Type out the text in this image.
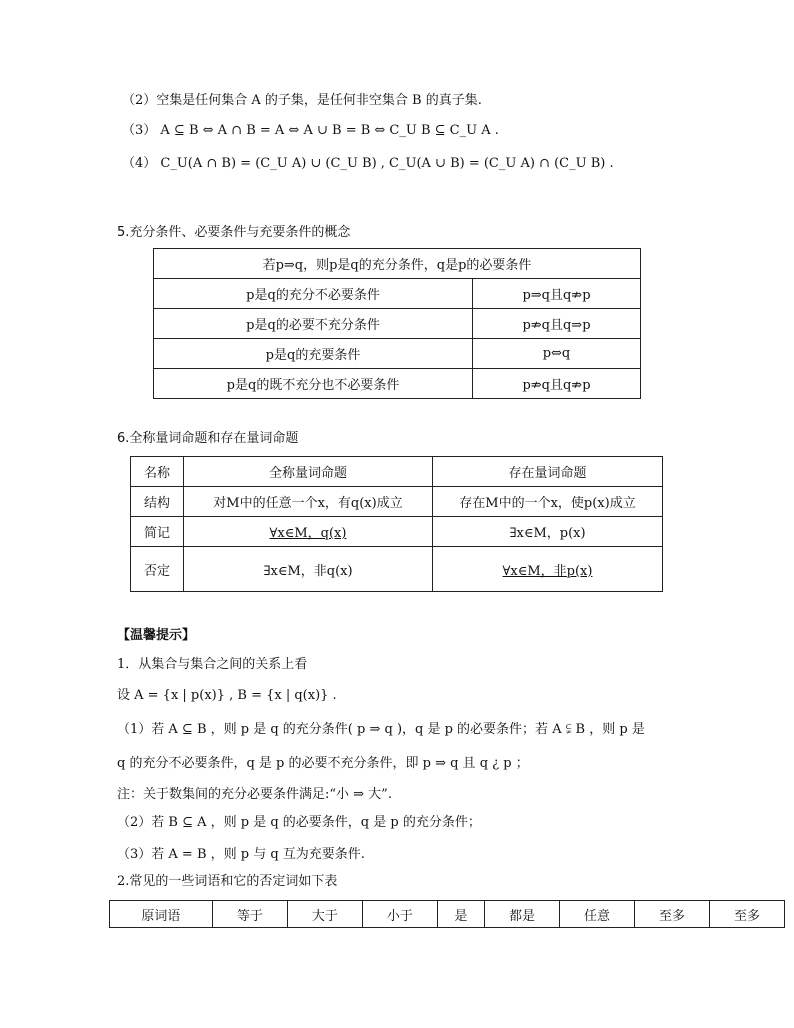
（2）空集是任何集合 A 的子集，是任何非空集合 B 的真子集.
（3） A ⊆ B ⇔ A ∩ B = A ⇔ A ∪ B = B ⇔ C_U B ⊆ C_U A .
（4） C_U(A ∩ B) = (C_U A) ∪ (C_U B) , C_U(A ∪ B) = (C_U A) ∩ (C_U B) .
5.充分条件、必要条件与充要条件的概念
若p⇒q，则p是q的充分条件，q是p的必要条件	
p是q的充分不必要条件	p⇒q且q⇏p
p是q的必要不充分条件	p⇏q且q⇒p
p是q的充要条件	p⇔q
p是q的既不充分也不必要条件	p⇏q且q⇏p
6.全称量词命题和存在量词命题
名称	全称量词命题	存在量词命题
结构	对M中的任意一个x，有q(x)成立	存在M中的一个x，使p(x)成立
简记	∀x∈M，q(x)	∃x∈M，p(x)
否定	∃x∈M，非q(x)	∀x∈M，非p(x)
【温馨提示】
1．从集合与集合之间的关系上看
设 A = {x | p(x)} , B = {x | q(x)} .
（1）若 A ⊆ B ，则 p 是 q 的充分条件( p ⇒ q )，q 是 p 的必要条件；若 A ⫋ B ，则 p 是
q 的充分不必要条件，q 是 p 的必要不充分条件，即 p ⇒ q 且 q ¿ p ；
注：关于数集间的充分必要条件满足:“小 ⇒ 大”.
（2）若 B ⊆ A ，则 p 是 q 的必要条件，q 是 p 的充分条件；
（3）若 A = B ，则 p 与 q 互为充要条件.
2.常见的一些词语和它的否定词如下表
原词语	等于	大于	小于	是	都是	任意	至多	至多
